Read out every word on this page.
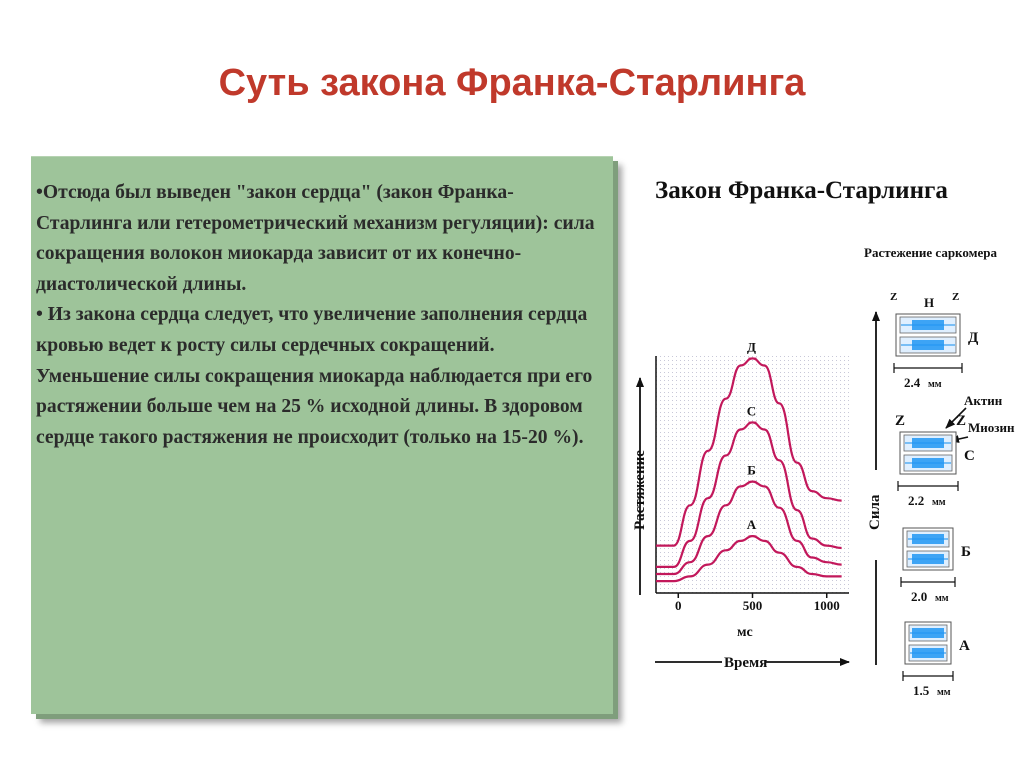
Суть закона Франка-Старлинга

•Отсюда был выведен "закон сердца" (закон Франка-Старлинга или гетерометрический механизм регуляции): сила сокращения волокон миокарда зависит от их конечно-диастолической длины.

• Из закона сердца следует, что увеличение заполнения сердца кровью ведет к росту силы сердечных сокращений. Уменьшение силы сокращения миокарда наблюдается при его растяжении больше чем на 25 % исходной длины. В здоровом сердце такого растяжения не происходит (только на 15-20 %).

Закон Франка-Старлинга
0	500	1000
Д
С
Б
А
Растяжение
мс
Время
Растежение саркомера
Сила
Z H Z
Z	Z
Актин
Миозин
2.4 мм
Д
2.2 мм
С
2.0 мм
Б
1.5 мм
А
